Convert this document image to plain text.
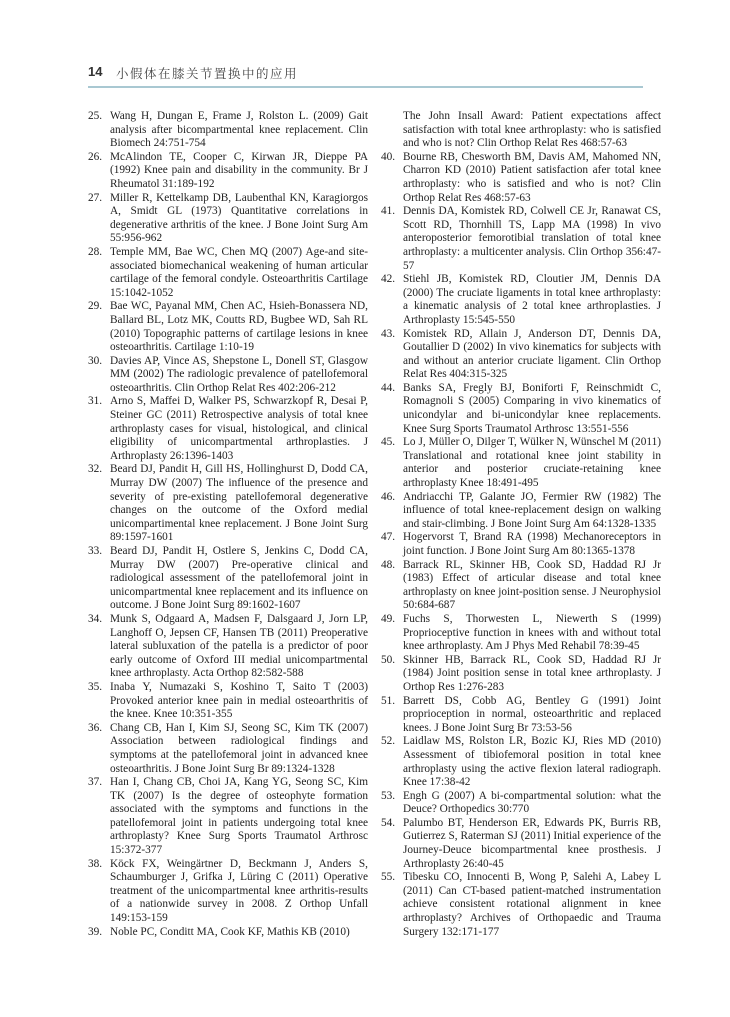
14 小假体在膝关节置换中的应用

25. Wang H, Dungan E, Frame J, Rolston L. (2009) Gait analysis after bicompartmental knee replacement. Clin Biomech 24:751-754

26. McAlindon TE, Cooper C, Kirwan JR, Dieppe PA (1992) Knee pain and disability in the community. Br J Rheumatol 31:189-192

27. Miller R, Kettelkamp DB, Laubenthal KN, Karagiorgos A, Smidt GL (1973) Quantitative correlations in degenerative arthritis of the knee. J Bone Joint Surg Am 55:956-962

28. Temple MM, Bae WC, Chen MQ (2007) Age-and site-associated biomechanical weakening of human articular cartilage of the femoral condyle. Osteoarthritis Cartilage 15:1042-1052

29. Bae WC, Payanal MM, Chen AC, Hsieh-Bonassera ND, Ballard BL, Lotz MK, Coutts RD, Bugbee WD, Sah RL (2010) Topographic patterns of cartilage lesions in knee osteoarthritis. Cartilage 1:10-19

30. Davies AP, Vince AS, Shepstone L, Donell ST, Glasgow MM (2002) The radiologic prevalence of patellofemoral osteoarthritis. Clin Orthop Relat Res 402:206-212

31. Arno S, Maffei D, Walker PS, Schwarzkopf R, Desai P, Steiner GC (2011) Retrospective analysis of total knee arthroplasty cases for visual, histological, and clinical eligibility of unicompartmental arthroplasties. J Arthroplasty 26:1396-1403

32. Beard DJ, Pandit H, Gill HS, Hollinghurst D, Dodd CA, Murray DW (2007) The influence of the presence and severity of pre-existing patellofemoral degenerative changes on the outcome of the Oxford medial unicompartimental knee replacement. J Bone Joint Surg 89:1597-1601

33. Beard DJ, Pandit H, Ostlere S, Jenkins C, Dodd CA, Murray DW (2007) Pre-operative clinical and radiological assessment of the patellofemoral joint in unicompartmental knee replacement and its influence on outcome. J Bone Joint Surg 89:1602-1607

34. Munk S, Odgaard A, Madsen F, Dalsgaard J, Jorn LP, Langhoff O, Jepsen CF, Hansen TB (2011) Preoperative lateral subluxation of the patella is a predictor of poor early outcome of Oxford III medial unicompartmental knee arthroplasty. Acta Orthop 82:582-588

35. Inaba Y, Numazaki S, Koshino T, Saito T (2003) Provoked anterior knee pain in medial osteoarthritis of the knee. Knee 10:351-355

36. Chang CB, Han I, Kim SJ, Seong SC, Kim TK (2007) Association between radiological findings and symptoms at the patellofemoral joint in advanced knee osteoarthritis. J Bone Joint Surg Br 89:1324-1328

37. Han I, Chang CB, Choi JA, Kang YG, Seong SC, Kim TK (2007) Is the degree of osteophyte formation associated with the symptoms and functions in the patellofemoral joint in patients undergoing total knee arthroplasty? Knee Surg Sports Traumatol Arthrosc 15:372-377

38. Köck FX, Weingärtner D, Beckmann J, Anders S, Schaumburger J, Grifka J, Lüring C (2011) Operative treatment of the unicompartmental knee arthritis-results of a nationwide survey in 2008. Z Orthop Unfall 149:153-159

39. Noble PC, Conditt MA, Cook KF, Mathis KB (2010)

The John Insall Award: Patient expectations affect satisfaction with total knee arthroplasty: who is satisfied and who is not? Clin Orthop Relat Res 468:57-63

40. Bourne RB, Chesworth BM, Davis AM, Mahomed NN, Charron KD (2010) Patient satisfaction afer total knee arthroplasty: who is satisfied and who is not? Clin Orthop Relat Res 468:57-63

41. Dennis DA, Komistek RD, Colwell CE Jr, Ranawat CS, Scott RD, Thornhill TS, Lapp MA (1998) In vivo anteroposterior femorotibial translation of total knee arthroplasty: a multicenter analysis. Clin Orthop 356:47-57

42. Stiehl JB, Komistek RD, Cloutier JM, Dennis DA (2000) The cruciate ligaments in total knee arthroplasty: a kinematic analysis of 2 total knee arthroplasties. J Arthroplasty 15:545-550

43. Komistek RD, Allain J, Anderson DT, Dennis DA, Goutallier D (2002) In vivo kinematics for subjects with and without an anterior cruciate ligament. Clin Orthop Relat Res 404:315-325

44. Banks SA, Fregly BJ, Boniforti F, Reinschmidt C, Romagnoli S (2005) Comparing in vivo kinematics of unicondylar and bi-unicondylar knee replacements. Knee Surg Sports Traumatol Arthrosc 13:551-556

45. Lo J, Müller O, Dilger T, Wülker N, Wünschel M (2011) Translational and rotational knee joint stability in anterior and posterior cruciate-retaining knee arthroplasty Knee 18:491-495

46. Andriacchi TP, Galante JO, Fermier RW (1982) The influence of total knee-replacement design on walking and stair-climbing. J Bone Joint Surg Am 64:1328-1335

47. Hogervorst T, Brand RA (1998) Mechanoreceptors in joint function. J Bone Joint Surg Am 80:1365-1378

48. Barrack RL, Skinner HB, Cook SD, Haddad RJ Jr (1983) Effect of articular disease and total knee arthroplasty on knee joint-position sense. J Neurophysiol 50:684-687

49. Fuchs S, Thorwesten L, Niewerth S (1999) Proprioceptive function in knees with and without total knee arthroplasty. Am J Phys Med Rehabil 78:39-45

50. Skinner HB, Barrack RL, Cook SD, Haddad RJ Jr (1984) Joint position sense in total knee arthroplasty. J Orthop Res 1:276-283

51. Barrett DS, Cobb AG, Bentley G (1991) Joint proprioception in normal, osteoarthritic and replaced knees. J Bone Joint Surg Br 73:53-56

52. Laidlaw MS, Rolston LR, Bozic KJ, Ries MD (2010) Assessment of tibiofemoral position in total knee arthroplasty using the active flexion lateral radiograph. Knee 17:38-42

53. Engh G (2007) A bi-compartmental solution: what the Deuce? Orthopedics 30:770

54. Palumbo BT, Henderson ER, Edwards PK, Burris RB, Gutierrez S, Raterman SJ (2011) Initial experience of the Journey-Deuce bicompartmental knee prosthesis. J Arthroplasty 26:40-45

55. Tibesku CO, Innocenti B, Wong P, Salehi A, Labey L (2011) Can CT-based patient-matched instrumentation achieve consistent rotational alignment in knee arthroplasty? Archives of Orthopaedic and Trauma Surgery 132:171-177
